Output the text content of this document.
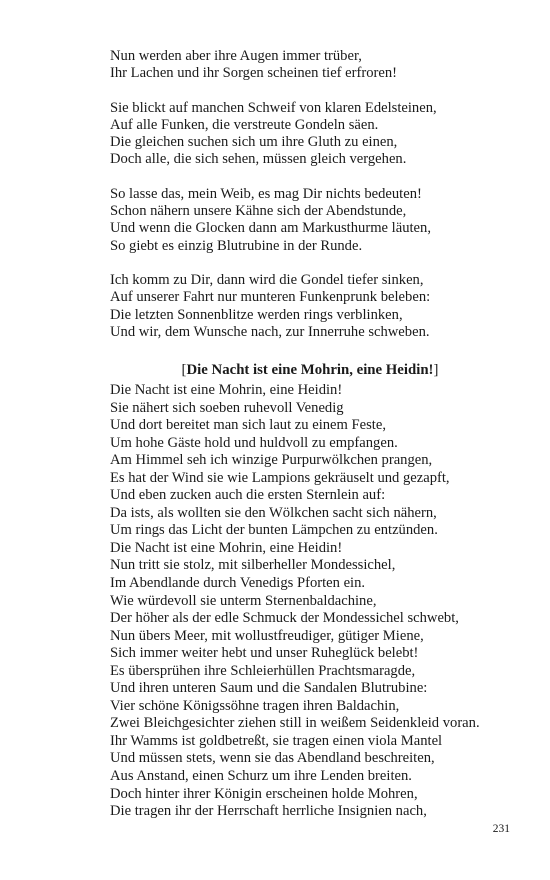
Nun werden aber ihre Augen immer trüber,
Ihr Lachen und ihr Sorgen scheinen tief erfroren!
Sie blickt auf manchen Schweif von klaren Edelsteinen,
Auf alle Funken, die verstreute Gondeln säen.
Die gleichen suchen sich um ihre Gluth zu einen,
Doch alle, die sich sehen, müssen gleich vergehen.
So lasse das, mein Weib, es mag Dir nichts bedeuten!
Schon nähern unsere Kähne sich der Abendstunde,
Und wenn die Glocken dann am Markusthurme läuten,
So giebt es einzig Blutrubine in der Runde.
Ich komm zu Dir, dann wird die Gondel tiefer sinken,
Auf unserer Fahrt nur munteren Funkenprunk beleben:
Die letzten Sonnenblitze werden rings verblinken,
Und wir, dem Wunsche nach, zur Innerruhe schweben.
[Die Nacht ist eine Mohrin, eine Heidin!]
Die Nacht ist eine Mohrin, eine Heidin!
Sie nähert sich soeben ruhevoll Venedig
Und dort bereitet man sich laut zu einem Feste,
Um hohe Gäste hold und huldvoll zu empfangen.
Am Himmel seh ich winzige Purpurwölkchen prangen,
Es hat der Wind sie wie Lampions gekräuselt und gezapft,
Und eben zucken auch die ersten Sternlein auf:
Da ists, als wollten sie den Wölkchen sacht sich nähern,
Um rings das Licht der bunten Lämpchen zu entzünden.
Die Nacht ist eine Mohrin, eine Heidin!
Nun tritt sie stolz, mit silberheller Mondessichel,
Im Abendlande durch Venedigs Pforten ein.
Wie würdevoll sie unterm Sternenbaldachine,
Der höher als der edle Schmuck der Mondessichel schwebt,
Nun übers Meer, mit wollustfreudiger, gütiger Miene,
Sich immer weiter hebt und unser Ruheglück belebt!
Es übersprühen ihre Schleierhüllen Prachtsmaragde,
Und ihren unteren Saum und die Sandalen Blutrubine:
Vier schöne Königssöhne tragen ihren Baldachin,
Zwei Bleichgesichter ziehen still in weißem Seidenkleid voran.
Ihr Wamms ist goldbetreßt, sie tragen einen viola Mantel
Und müssen stets, wenn sie das Abendland beschreiten,
Aus Anstand, einen Schurz um ihre Lenden breiten.
Doch hinter ihrer Königin erscheinen holde Mohren,
Die tragen ihr der Herrschaft herrliche Insignien nach,
231
